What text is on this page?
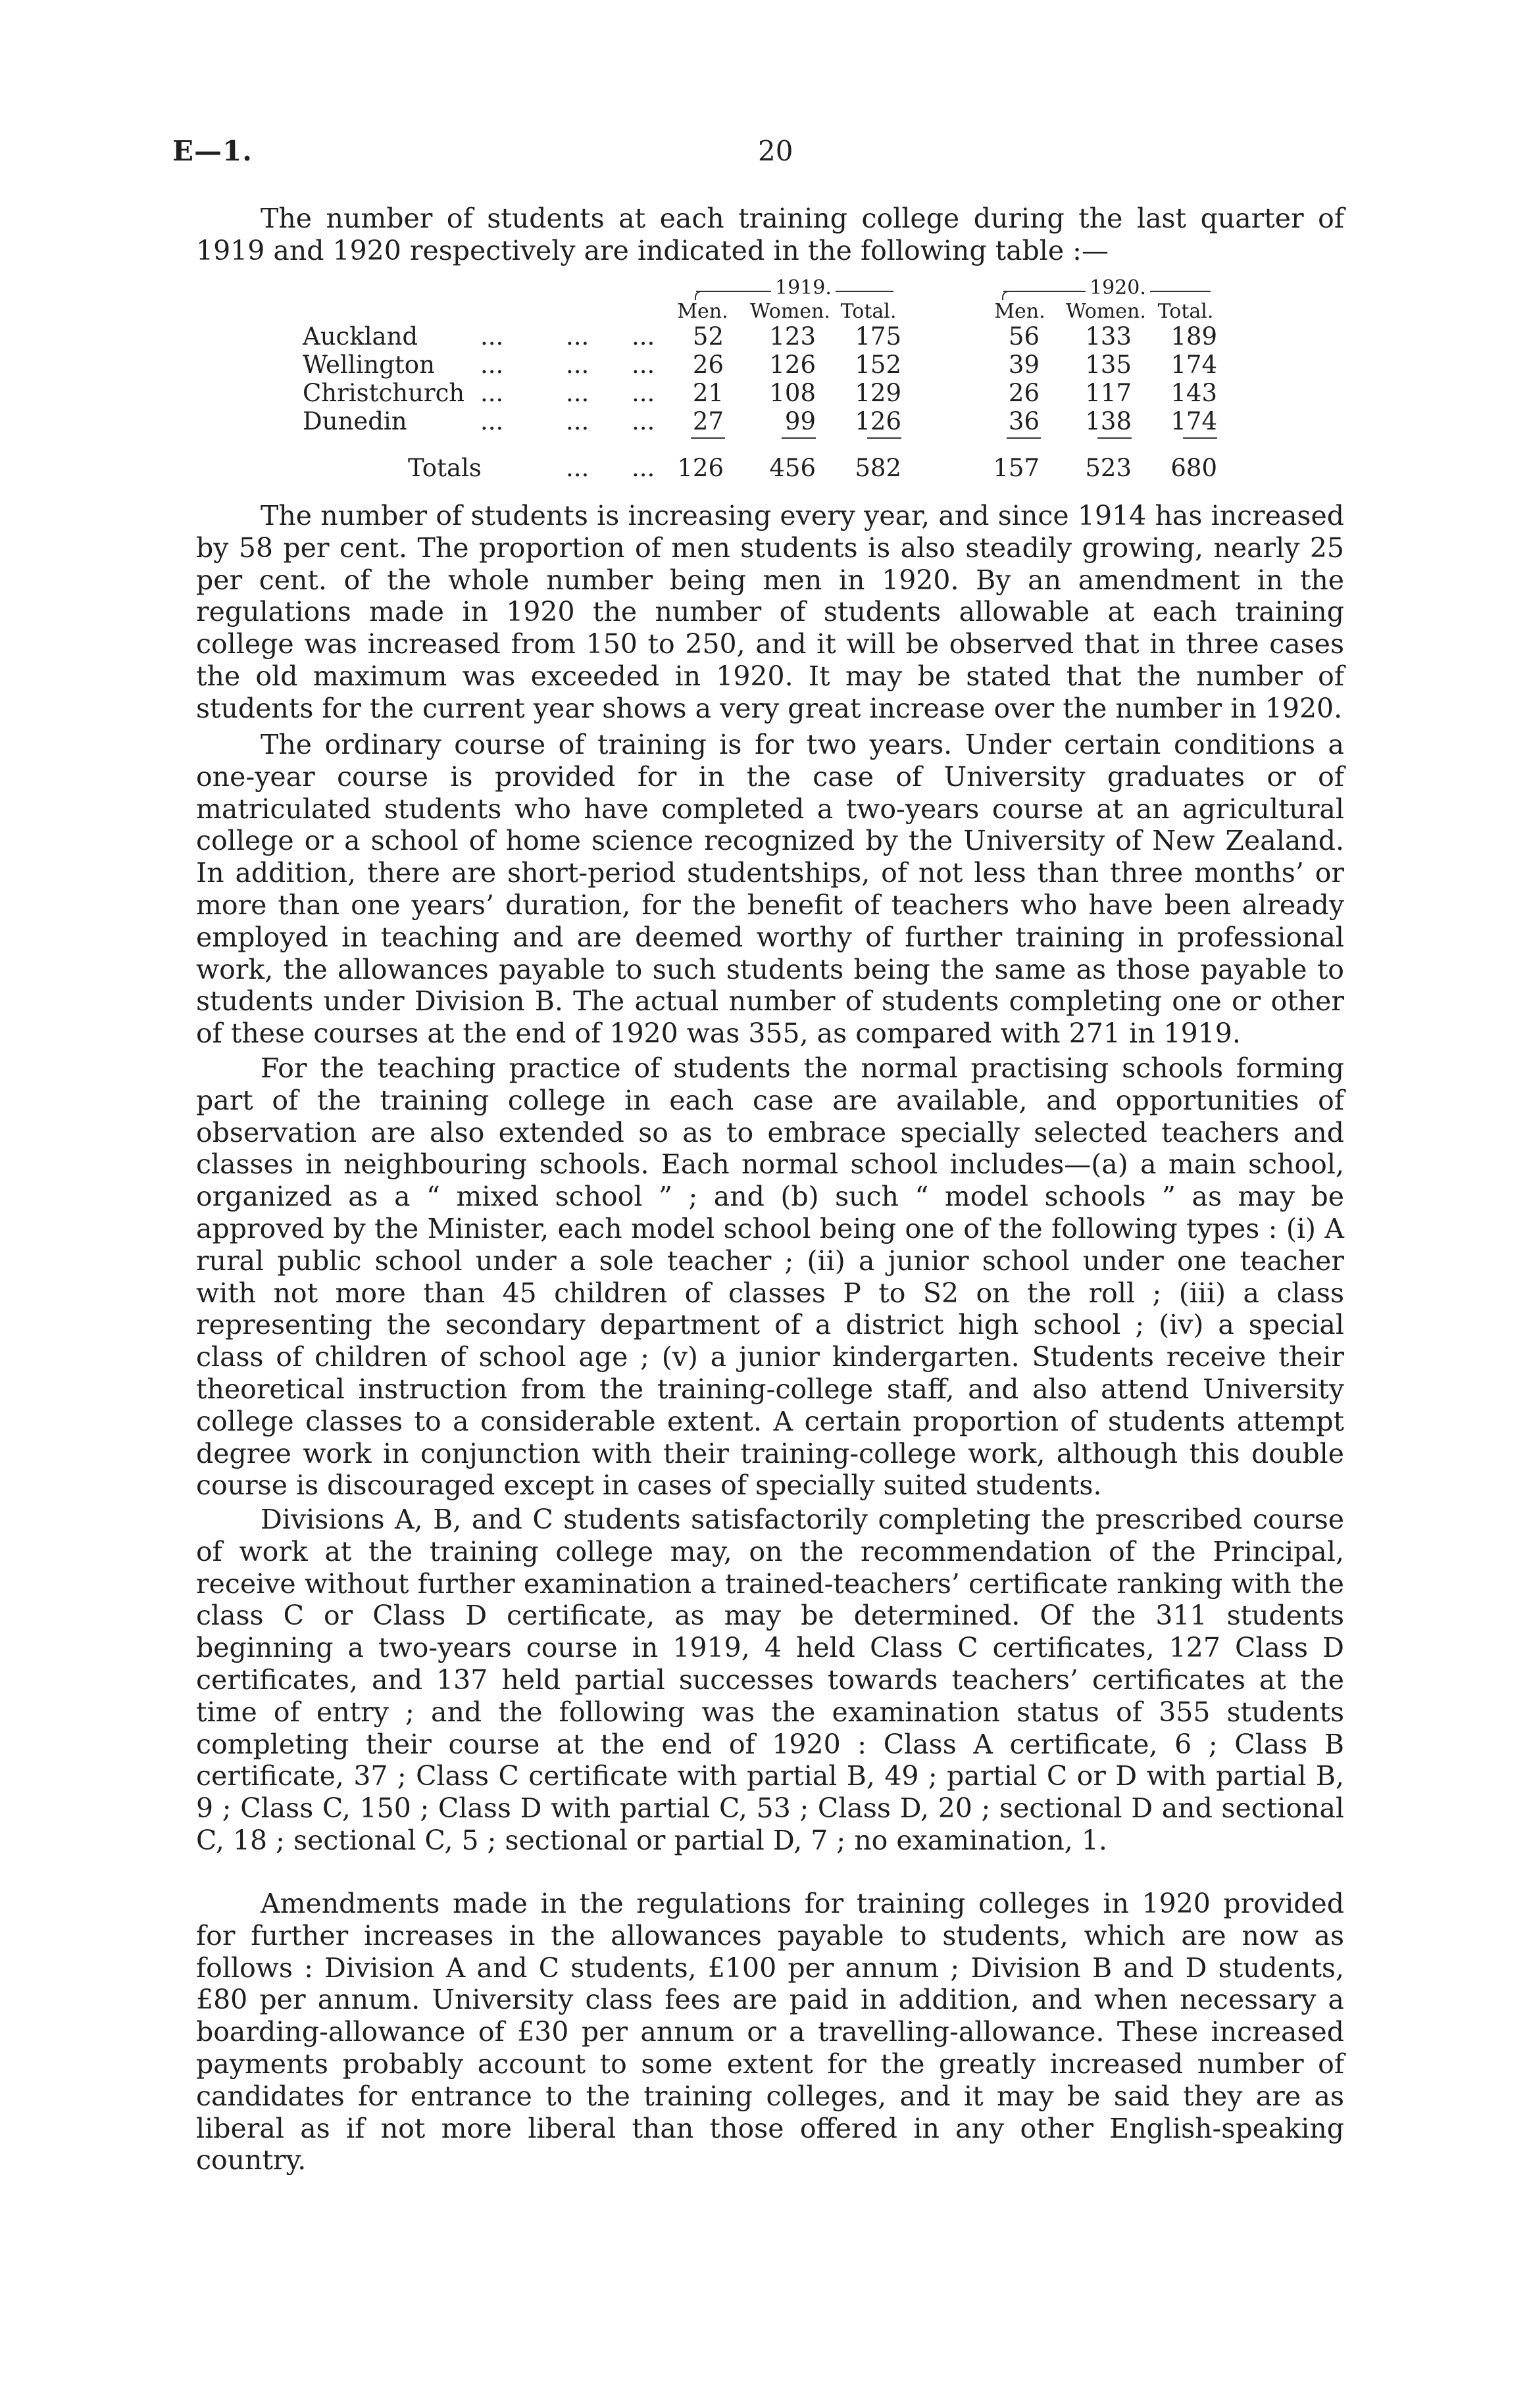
E—1.	20

The number of students at each training college during the last quarter of 1919 and 1920 respectively are indicated in the following table :—

1919.	1920.
Men.	Women. Total.	Men.	Women. Total.
Auckland	...	... ...	52	123	175	56	133	189
Wellington ...	... ...	26	126	152	39	135	174
Christchurch ...	... ...	21	108	129	26	117	143
Dunedin	...	... ...	27	99	126	36	138	174
Totals	... ... 126	456	582	157	523	680

The number of students is increasing every year, and since 1914 has increased by 58 per cent. The proportion of men students is also steadily growing, nearly 25 per cent. of the whole number being men in 1920. By an amendment in the regulations made in 1920 the number of students allowable at each training college was increased from 150 to 250, and it will be observed that in three cases the old maximum was exceeded in 1920. It may be stated that the number of students for the current year shows a very great increase over the number in 1920.

The ordinary course of training is for two years. Under certain conditions a one-year course is provided for in the case of University graduates or of matriculated students who have completed a two-years course at an agricultural college or a school of home science recognized by the University of New Zealand. In addition, there are short-period studentships, of not less than three months’ or more than one years’ duration, for the benefit of teachers who have been already employed in teaching and are deemed worthy of further training in professional work, the allowances payable to such students being the same as those payable to students under Division B. The actual number of students completing one or other of these courses at the end of 1920 was 355, as compared with 271 in 1919.

For the teaching practice of students the normal practising schools forming part of the training college in each case are available, and opportunities of observation are also extended so as to embrace specially selected teachers and classes in neighbouring schools. Each normal school includes—(a) a main school, organized as a “ mixed school ” ; and (b) such “ model schools ” as may be approved by the Minister, each model school being one of the following types : (i) A rural public school under a sole teacher ; (ii) a junior school under one teacher with not more than 45 children of classes P to S2 on the roll ; (iii) a class representing the secondary department of a district high school ; (iv) a special class of children of school age ; (v) a junior kindergarten. Students receive their theoretical instruction from the training-college staff, and also attend University college classes to a considerable extent. A certain proportion of students attempt degree work in conjunction with their training-college work, although this double course is discouraged except in cases of specially suited students.

Divisions A, B, and C students satisfactorily completing the prescribed course of work at the training college may, on the recommendation of the Principal, receive without further examination a trained-teachers’ certificate ranking with the class C or Class D certificate, as may be determined. Of the 311 students beginning a two-years course in 1919, 4 held Class C certificates, 127 Class D certificates, and 137 held partial successes towards teachers’ certificates at the time of entry ; and the following was the examination status of 355 students completing their course at the end of 1920 : Class A certificate, 6 ; Class B certificate, 37 ; Class C certificate with partial B, 49 ; partial C or D with partial B, 9 ; Class C, 150 ; Class D with partial C, 53 ; Class D, 20 ; sectional D and sectional C, 18 ; sectional C, 5 ; sectional or partial D, 7 ; no examination, 1.

Amendments made in the regulations for training colleges in 1920 provided for further increases in the allowances payable to students, which are now as follows : Division A and C students, £100 per annum ; Division B and D students, £80 per annum. University class fees are paid in addition, and when necessary a boarding-allowance of £30 per annum or a travelling-allowance. These increased payments probably account to some extent for the greatly increased number of candidates for entrance to the training colleges, and it may be said they are as liberal as if not more liberal than those offered in any other English-speaking country.
